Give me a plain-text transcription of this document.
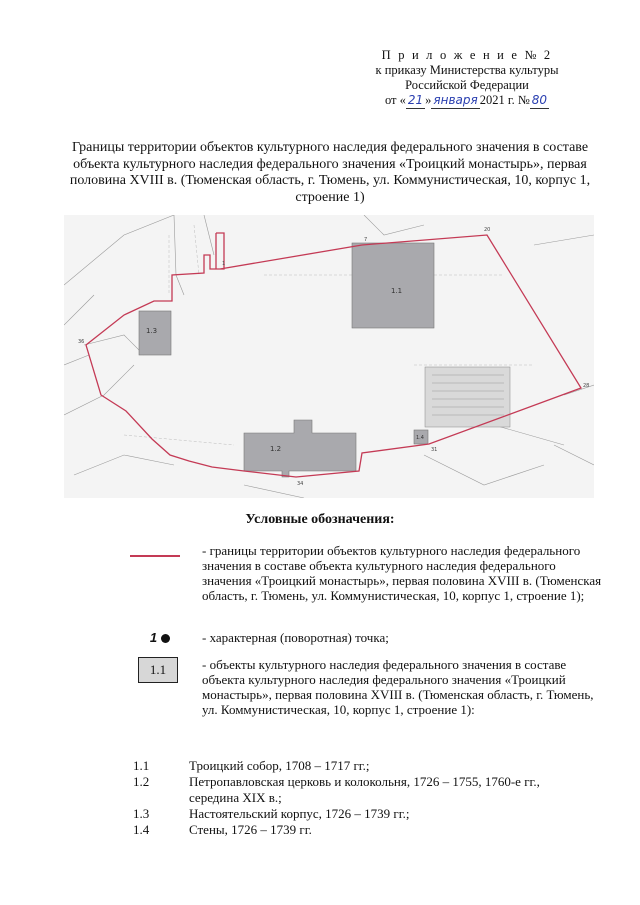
П р и л о ж е н и е № 2
к приказу Министерства культуры
Российской Федерации
от « 21 » января2021 г. №80
Границы территории объектов культурного наследия федерального значения в составе объекта культурного наследия федерального значения «Троицкий монастырь», первая половина XVIII в. (Тюменская область, г. Тюмень, ул. Коммунистическая, 10, корпус 1, строение 1)
1.1
1.2
1.3
1.4
1
7
20
28
31
34
36
Условные обозначения:
- границы территории объектов культурного наследия федерального значения в составе объекта культурного наследия федерального значения «Троицкий монастырь», первая половина XVIII в. (Тюменская область, г. Тюмень, ул. Коммунистическая, 10, корпус 1, строение 1);
1	- характерная (поворотная) точка;
1.1	- объекты культурного наследия федерального значения в составе объекта культурного наследия федерального значения «Троицкий монастырь», первая половина XVIII в. (Тюменская область, г. Тюмень, ул. Коммунистическая, 10, корпус 1, строение 1):
1.1	Троицкий собор, 1708 – 1717 гг.;
1.2	Петропавловская церковь и колокольня, 1726 – 1755, 1760-е гг., середина XIX в.;
1.3	Настоятельский корпус, 1726 – 1739 гг.;
1.4	Стены, 1726 – 1739 гг.
